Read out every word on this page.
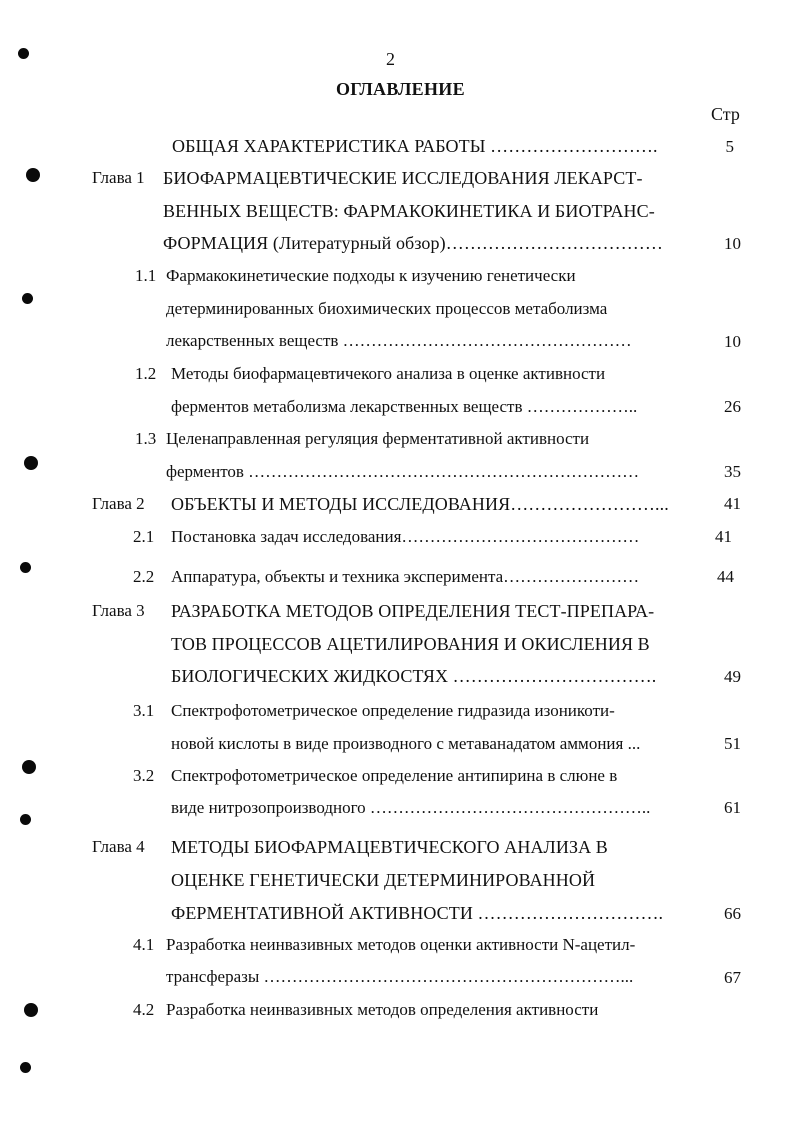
2
ОГЛАВЛЕНИЕ
Стр
ОБЩАЯ ХАРАКТЕРИСТИКА РАБОТЫ ……………………….	5
Глава 1 БИОФАРМАЦЕВТИЧЕСКИЕ ИССЛЕДОВАНИЯ ЛЕКАРСТ-
ВЕННЫХ ВЕЩЕСТВ: ФАРМАКОКИНЕТИКА И БИОТРАНС-
ФОРМАЦИЯ (Литературный обзор)………………………………	10
1.1 Фармакокинетические подходы к изучению генетически
детерминированных биохимических процессов метаболизма
лекарственных веществ ……………………………………………	10
1.2 Методы биофармацевтичекого анализа в оценке активности
ферментов метаболизма лекарственных веществ ………………..	26
1.3 Целенаправленная регуляция ферментативной активности
ферментов ……………………………………………………………	35
Глава 2 ОБЪЕКТЫ И МЕТОДЫ ИССЛЕДОВАНИЯ……………………...	41
2.1 Постановка задач исследования……………………………………	41
2.2 Аппаратура, объекты и техника эксперимента……………………	44
Глава 3 РАЗРАБОТКА МЕТОДОВ ОПРЕДЕЛЕНИЯ ТЕСТ-ПРЕПАРА-
ТОВ ПРОЦЕССОВ АЦЕТИЛИРОВАНИЯ И ОКИСЛЕНИЯ В
БИОЛОГИЧЕСКИХ ЖИДКОСТЯХ …………………………….	49
3.1 Спектрофотометрическое определение гидразида изоникоти-
новой кислоты в виде производного с метаванадатом аммония ...	51
3.2 Спектрофотометрическое определение антипирина в слюне в
виде нитрозопроизводного …………………………………………..	61
Глава 4 МЕТОДЫ БИОФАРМАЦЕВТИЧЕСКОГО АНАЛИЗА В
ОЦЕНКЕ ГЕНЕТИЧЕСКИ ДЕТЕРМИНИРОВАННОЙ
ФЕРМЕНТАТИВНОЙ АКТИВНОСТИ ………………………….	66
4.1 Разработка неинвазивных методов оценки активности N-ацетил-
трансферазы ………………………………………………………...	67
4.2 Разработка неинвазивных методов определения активности
